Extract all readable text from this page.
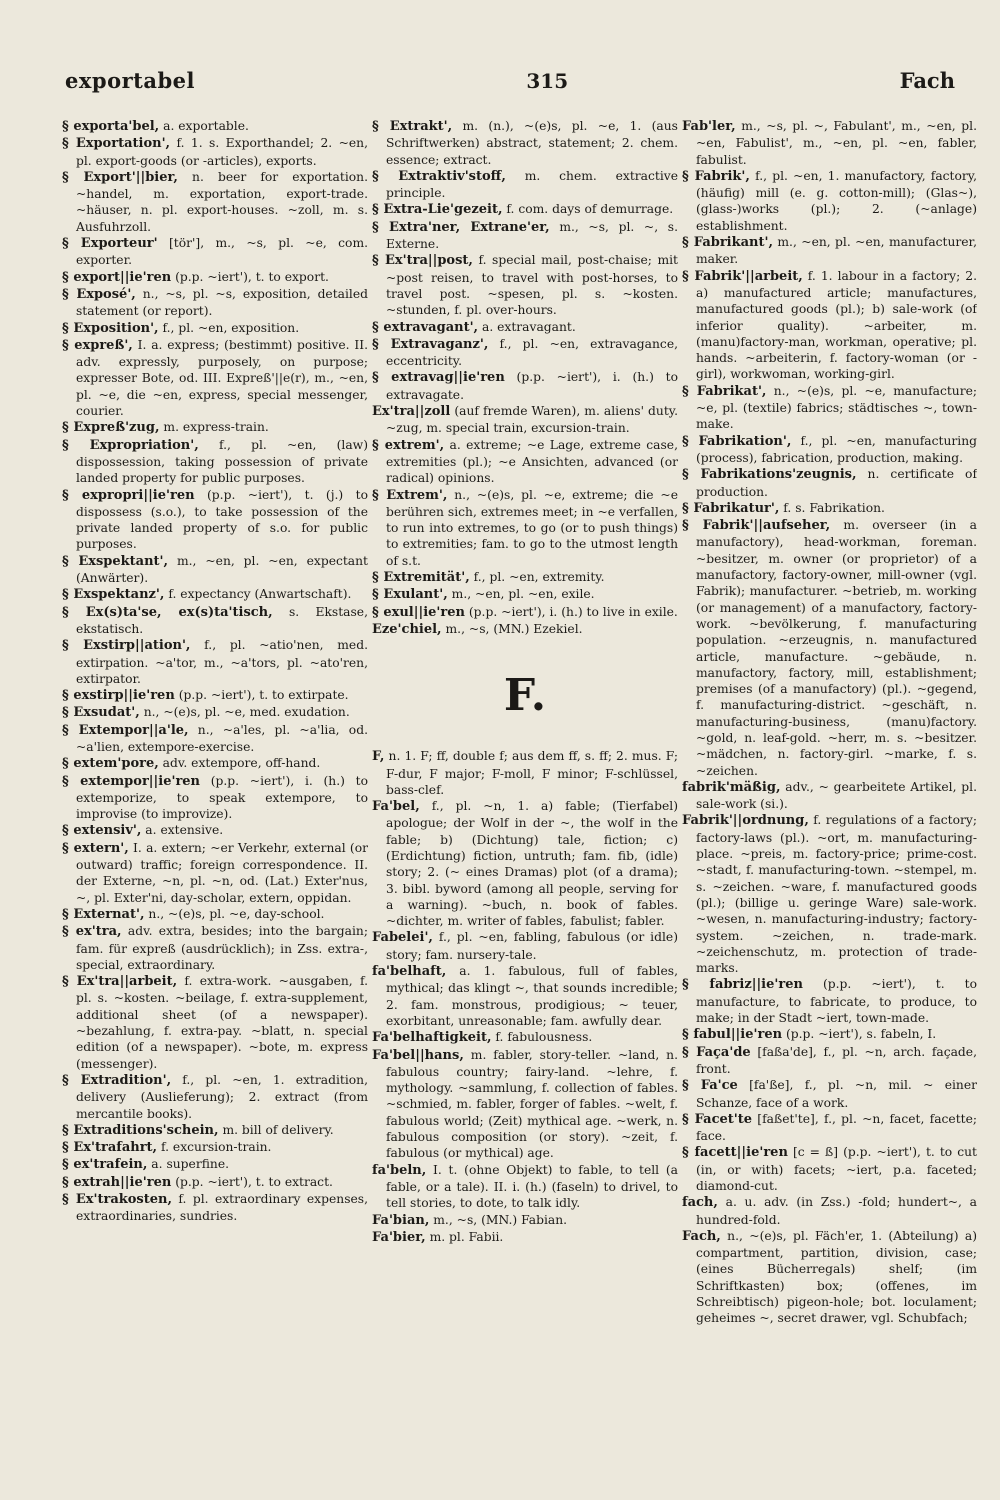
exportabel	315	Fach

§ exporta'bel, a. exportable.

§ Exportation', f. 1. s. Exporthandel; 2. ~en, pl. export-goods (or -articles), exports.

§ Export'||bier, n. beer for exportation. ~handel, m. exportation, export-trade. ~häuser, n. pl. export-houses. ~zoll, m. s. Ausfuhrzoll.

§ Exporteur' [tör'], m., ~s, pl. ~e, com. exporter.

§ export||ie'ren (p.p. ~iert'), t. to export.

§ Exposé', n., ~s, pl. ~s, exposition, detailed statement (or report).

§ Exposition', f., pl. ~en, exposition.

§ expreß', I. a. express; (bestimmt) positive. II. adv. expressly, purposely, on purpose; expresser Bote, od. III. Expreß'||e(r), m., ~en, pl. ~e, die ~en, express, special messenger, courier.

§ Expreß'zug, m. express-train.

§ Expropriation', f., pl. ~en, (law) dispossession, taking possession of private landed property for public purposes.

§ expropri||ie'ren (p.p. ~iert'), t. (j.) to dispossess (s.o.), to take possession of the private landed property of s.o. for public purposes.

§ Exspektant', m., ~en, pl. ~en, expectant (Anwärter).

§ Exspektanz', f. expectancy (Anwartschaft).

§ Ex(s)ta'se, ex(s)ta'tisch, s. Ekstase, ekstatisch.

§ Exstirp||ation', f., pl. ~atio'nen, med. extirpation. ~a'tor, m., ~a'tors, pl. ~ato'ren, extirpator.

§ exstirp||ie'ren (p.p. ~iert'), t. to extirpate.

§ Exsudat', n., ~(e)s, pl. ~e, med. exudation.

§ Extempor||a'le, n., ~a'les, pl. ~a'lia, od. ~a'lien, extempore-exercise.

§ extem'pore, adv. extempore, off-hand.

§ extempor||ie'ren (p.p. ~iert'), i. (h.) to extemporize, to speak extempore, to improvise (to improvize).

§ extensiv', a. extensive.

§ extern', I. a. extern; ~er Verkehr, external (or outward) traffic; foreign correspondence. II. der Externe, ~n, pl. ~n, od. (Lat.) Exter'nus, ~, pl. Exter'ni, day-scholar, extern, oppidan.

§ Externat', n., ~(e)s, pl. ~e, day-school.

§ ex'tra, adv. extra, besides; into the bargain; fam. für expreß (ausdrücklich); in Zss. extra-, special, extraordinary.

§ Ex'tra||arbeit, f. extra-work. ~ausgaben, f. pl. s. ~kosten. ~beilage, f. extra-supplement, additional sheet (of a newspaper). ~bezahlung, f. extra-pay. ~blatt, n. special edition (of a newspaper). ~bote, m. express (messenger).

§ Extradition', f., pl. ~en, 1. extradition, delivery (Auslieferung); 2. extract (from mercantile books).

§ Extraditions'schein, m. bill of delivery.

§ Ex'trafahrt, f. excursion-train.

§ ex'trafein, a. superfine.

§ extrah||ie'ren (p.p. ~iert'), t. to extract.

§ Ex'trakosten, f. pl. extraordinary expenses, extraordinaries, sundries.

§ Extrakt', m. (n.), ~(e)s, pl. ~e, 1. (aus Schriftwerken) abstract, statement; 2. chem. essence; extract.

§ Extraktiv'stoff, m. chem. extractive principle.

§ Extra-Lie'gezeit, f. com. days of demurrage.

§ Extra'ner, Extrane'er, m., ~s, pl. ~, s. Externe.

§ Ex'tra||post, f. special mail, post-chaise; mit ~post reisen, to travel with post-horses, to travel post. ~spesen, pl. s. ~kosten. ~stunden, f. pl. over-hours.

§ extravagant', a. extravagant.

§ Extravaganz', f., pl. ~en, extravagance, eccentricity.

§ extravag||ie'ren (p.p. ~iert'), i. (h.) to extravagate.

Ex'tra||zoll (auf fremde Waren), m. aliens' duty. ~zug, m. special train, excursion-train.

§ extrem', a. extreme; ~e Lage, extreme case, extremities (pl.); ~e Ansichten, advanced (or radical) opinions.

§ Extrem', n., ~(e)s, pl. ~e, extreme; die ~e berühren sich, extremes meet; in ~e verfallen, to run into extremes, to go (or to push things) to extremities; fam. to go to the utmost length of s.t.

§ Extremität', f., pl. ~en, extremity.

§ Exulant', m., ~en, pl. ~en, exile.

§ exul||ie'ren (p.p. ~iert'), i. (h.) to live in exile.

Eze'chiel, m., ~s, (MN.) Ezekiel.

F.

F, n. 1. F; ff, double f; aus dem ff, s. ff; 2. mus. F; F-dur, F major; F-moll, F minor; F-schlüssel, bass-clef.

Fa'bel, f., pl. ~n, 1. a) fable; (Tierfabel) apologue; der Wolf in der ~, the wolf in the fable; b) (Dichtung) tale, fiction; c) (Erdichtung) fiction, untruth; fam. fib, (idle) story; 2. (~ eines Dramas) plot (of a drama); 3. bibl. byword (among all people, serving for a warning). ~buch, n. book of fables. ~dichter, m. writer of fables, fabulist; fabler.

Fabelei', f., pl. ~en, fabling, fabulous (or idle) story; fam. nursery-tale.

fa'belhaft, a. 1. fabulous, full of fables, mythical; das klingt ~, that sounds incredible; 2. fam. monstrous, prodigious; ~ teuer, exorbitant, unreasonable; fam. awfully dear.

Fa'belhaftigkeit, f. fabulousness.

Fa'bel||hans, m. fabler, story-teller. ~land, n. fabulous country; fairy-land. ~lehre, f. mythology. ~sammlung, f. collection of fables. ~schmied, m. fabler, forger of fables. ~welt, f. fabulous world; (Zeit) mythical age. ~werk, n. fabulous composition (or story). ~zeit, f. fabulous (or mythical) age.

fa'beln, I. t. (ohne Objekt) to fable, to tell (a fable, or a tale). II. i. (h.) (faseln) to drivel, to tell stories, to dote, to talk idly.

Fa'bian, m., ~s, (MN.) Fabian.

Fa'bier, m. pl. Fabii.

Fab'ler, m., ~s, pl. ~, Fabulant', m., ~en, pl. ~en, Fabulist', m., ~en, pl. ~en, fabler, fabulist.

§ Fabrik', f., pl. ~en, 1. manufactory, factory, (häufig) mill (e. g. cotton-mill); (Glas~), (glass-)works (pl.); 2. (~anlage) establishment.

§ Fabrikant', m., ~en, pl. ~en, manufacturer, maker.

§ Fabrik'||arbeit, f. 1. labour in a factory; 2. a) manufactured article; manufactures, manufactured goods (pl.); b) sale-work (of inferior quality). ~arbeiter, m. (manu)factory-man, workman, operative; pl. hands. ~arbeiterin, f. factory-woman (or -girl), workwoman, working-girl.

§ Fabrikat', n., ~(e)s, pl. ~e, manufacture; ~e, pl. (textile) fabrics; städtisches ~, town-make.

§ Fabrikation', f., pl. ~en, manufacturing (process), fabrication, production, making.

§ Fabrikations'zeugnis, n. certificate of production.

§ Fabrikatur', f. s. Fabrikation.

§ Fabrik'||aufseher, m. overseer (in a manufactory), head-workman, foreman. ~besitzer, m. owner (or proprietor) of a manufactory, factory-owner, mill-owner (vgl. Fabrik); manufacturer. ~betrieb, m. working (or management) of a manufactory, factory-work. ~bevölkerung, f. manufacturing population. ~erzeugnis, n. manufactured article, manufacture. ~gebäude, n. manufactory, factory, mill, establishment; premises (of a manufactory) (pl.). ~gegend, f. manufacturing-district. ~geschäft, n. manufacturing-business, (manu)factory. ~gold, n. leaf-gold. ~herr, m. s. ~besitzer. ~mädchen, n. factory-girl. ~marke, f. s. ~zeichen.

fabrik'mäßig, adv., ~ gearbeitete Artikel, pl. sale-work (si.).

Fabrik'||ordnung, f. regulations of a factory; factory-laws (pl.). ~ort, m. manufacturing-place. ~preis, m. factory-price; prime-cost. ~stadt, f. manufacturing-town. ~stempel, m. s. ~zeichen. ~ware, f. manufactured goods (pl.); (billige u. geringe Ware) sale-work. ~wesen, n. manufacturing-industry; factory-system. ~zeichen, n. trade-mark. ~zeichenschutz, m. protection of trade-marks.

§ fabriz||ie'ren (p.p. ~iert'), t. to manufacture, to fabricate, to produce, to make; in der Stadt ~iert, town-made.

§ fabul||ie'ren (p.p. ~iert'), s. fabeln, I.

§ Faça'de [faßa'de], f., pl. ~n, arch. façade, front.

§ Fa'ce [fa'ße], f., pl. ~n, mil. ~ einer Schanze, face of a work.

§ Facet'te [faßet'te], f., pl. ~n, facet, facette; face.

§ facett||ie'ren [c = ß] (p.p. ~iert'), t. to cut (in, or with) facets; ~iert, p.a. faceted; diamond-cut.

fach, a. u. adv. (in Zss.) -fold; hundert~, a hundred-fold.

Fach, n., ~(e)s, pl. Fäch'er, 1. (Abteilung) a) compartment, partition, division, case; (eines Bücherregals) shelf; (im Schriftkasten) box; (offenes, im Schreibtisch) pigeon-hole; bot. loculament; geheimes ~, secret drawer, vgl. Schubfach;
